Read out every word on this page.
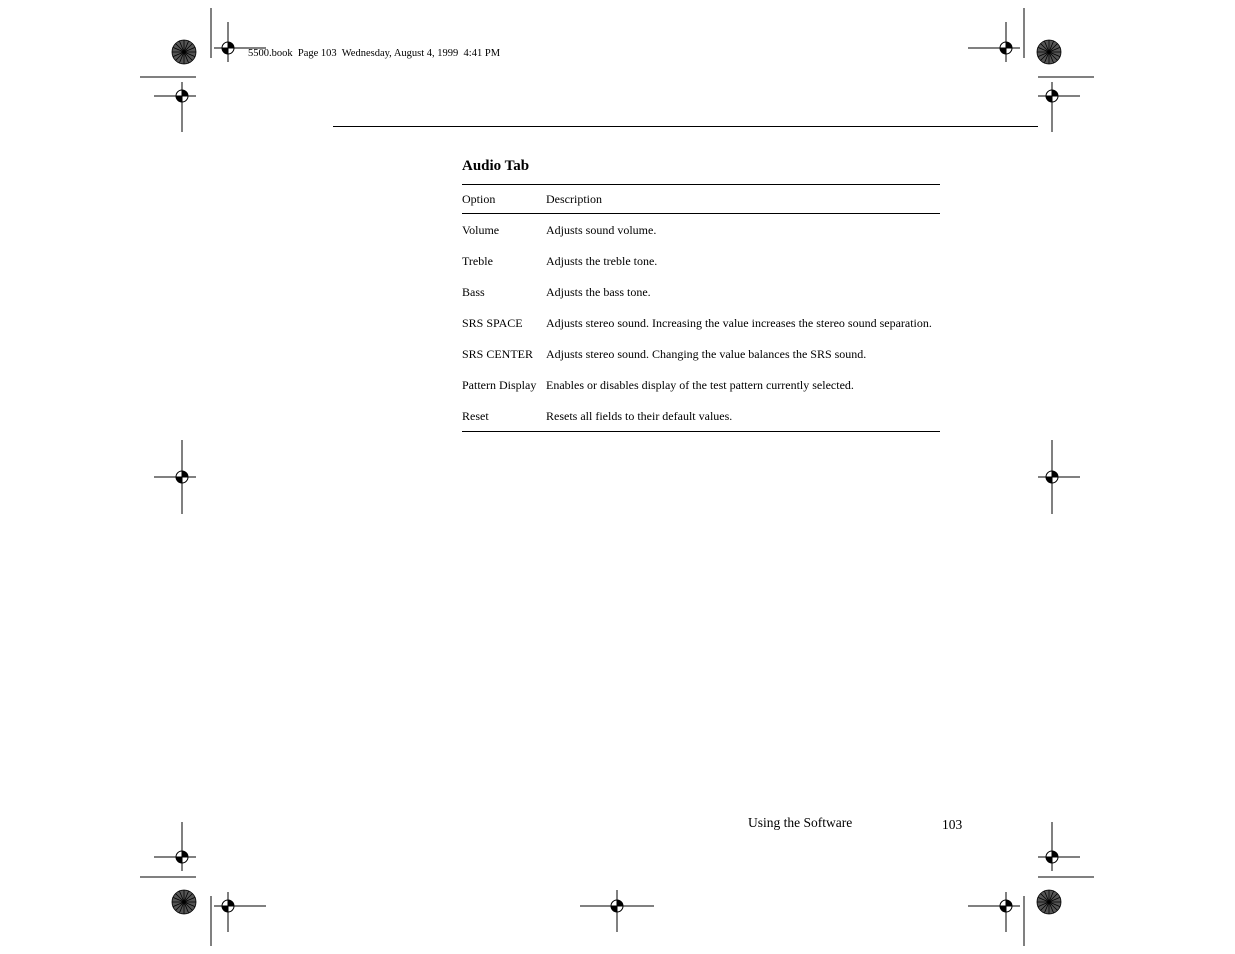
5500.book  Page 103  Wednesday, August 4, 1999  4:41 PM
Audio Tab
Option	Description
Volume	Adjusts sound volume.
Treble	Adjusts the treble tone.
Bass	Adjusts the bass tone.
SRS SPACE	Adjusts stereo sound. Increasing the value increases the stereo sound separation.
SRS CENTER	Adjusts stereo sound. Changing the value balances the SRS sound.
Pattern Display	Enables or disables display of the test pattern currently selected.
Reset	Resets all fields to their default values.
Using the Software	103
